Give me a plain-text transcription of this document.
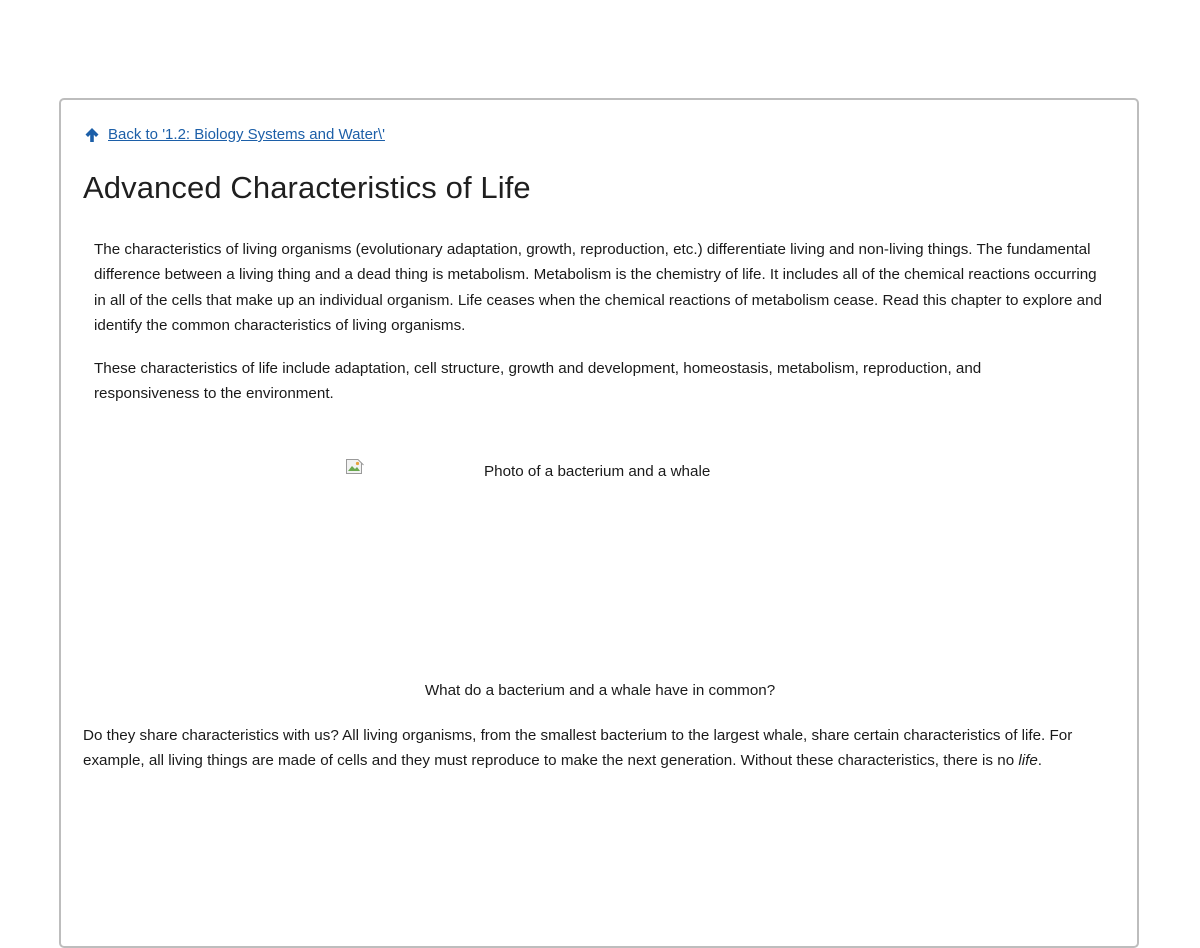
Back to '1.2: Biology Systems and Water\'
Advanced Characteristics of Life

The characteristics of living organisms (evolutionary adaptation, growth, reproduction, etc.) differentiate living and non-living things. The fundamental difference between a living thing and a dead thing is metabolism. Metabolism is the chemistry of life. It includes all of the chemical reactions occurring in all of the cells that make up an individual organism. Life ceases when the chemical reactions of metabolism cease. Read this chapter to explore and identify the common characteristics of living organisms.

These characteristics of life include adaptation, cell structure, growth and development, homeostasis, metabolism, reproduction, and responsiveness to the environment.

Photo of a bacterium and a whale
What do a bacterium and a whale have in common?

Do they share characteristics with us? All living organisms, from the smallest bacterium to the largest whale, share certain characteristics of life. For example, all living things are made of cells and they must reproduce to make the next generation. Without these characteristics, there is no life.
